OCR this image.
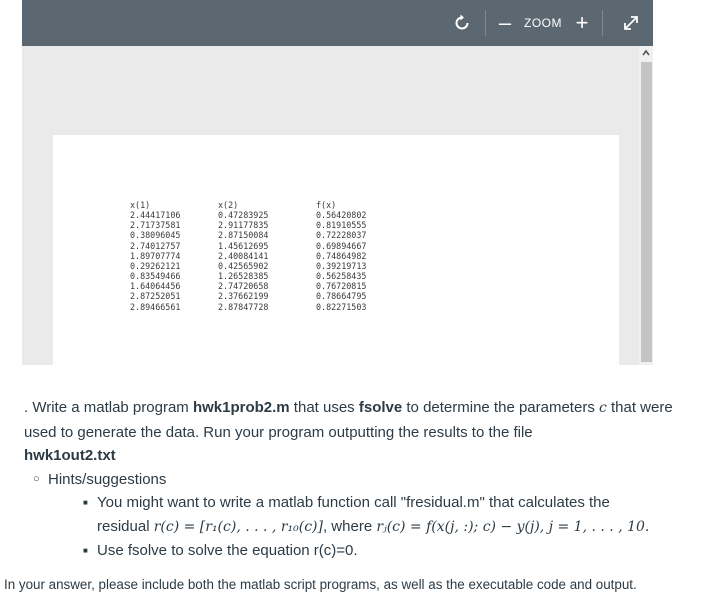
–	ZOOM +
x(1)
2.44417106
2.71737581
0.38096045
2.74012757
1.89707774
0.29262121
0.83549466
1.64064456
2.87252051
2.89466561
x(2)
0.47283925
2.91177835
2.87150084
1.45612695
2.40084141
0.42565902
1.26528385
2.74720658
2.37662199
2.87847728
f(x)
0.56420802
0.81910555
0.72228037
0.69894667
0.74864982
0.39219713
0.56258435
0.76720815
0.78664795
0.82271503

. Write a matlab program hwk1prob2.m that uses fsolve to determine the parameters c that were used to generate the data. Run your program outputting the results to the file
hwk1out2.txt

○ Hints/suggestions
■ You might want to write a matlab function call "fresidual.m" that calculates the
residual r(c) = [r₁(c), . . . , r₁₀(c)], where rⱼ(c) = f(x(j, :); c) − y(j), j = 1, . . . , 10.
■ Use fsolve to solve the equation r(c)=0.
In your answer, please include both the matlab script programs, as well as the executable code and output.
